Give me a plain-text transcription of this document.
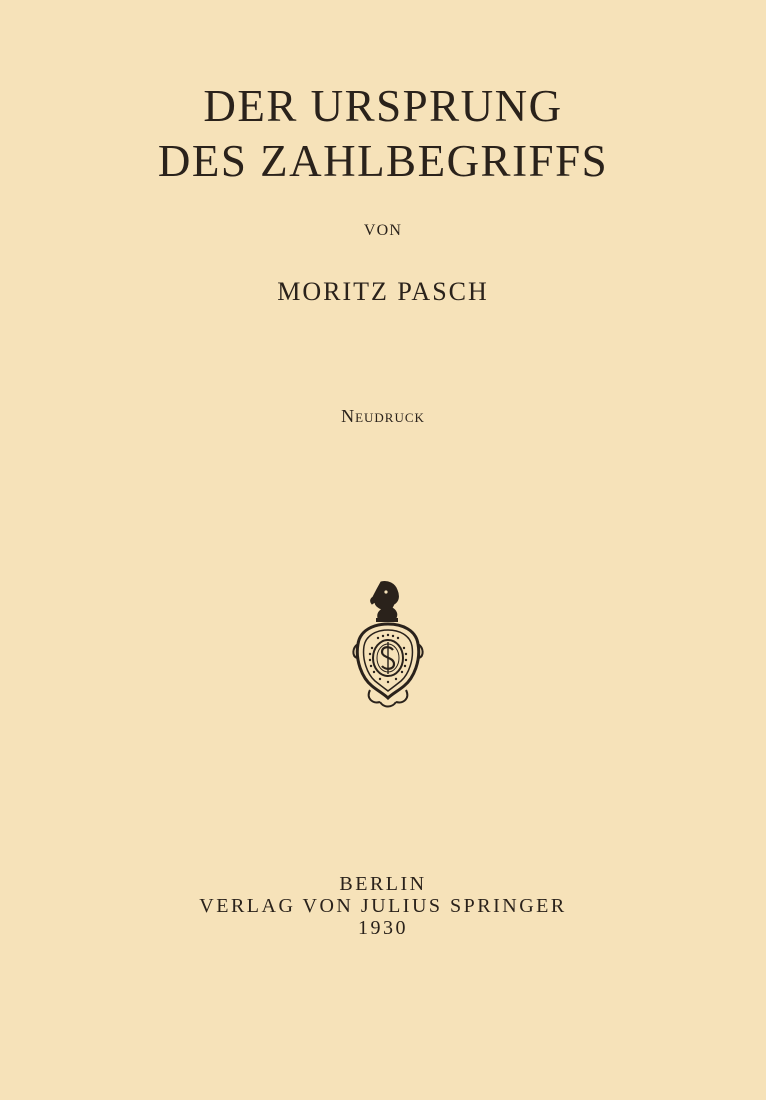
DER URSPRUNG
DES ZAHLBEGRIFFS
VON
MORITZ PASCH
Neudruck
BERLIN
VERLAG VON JULIUS SPRINGER
1930
